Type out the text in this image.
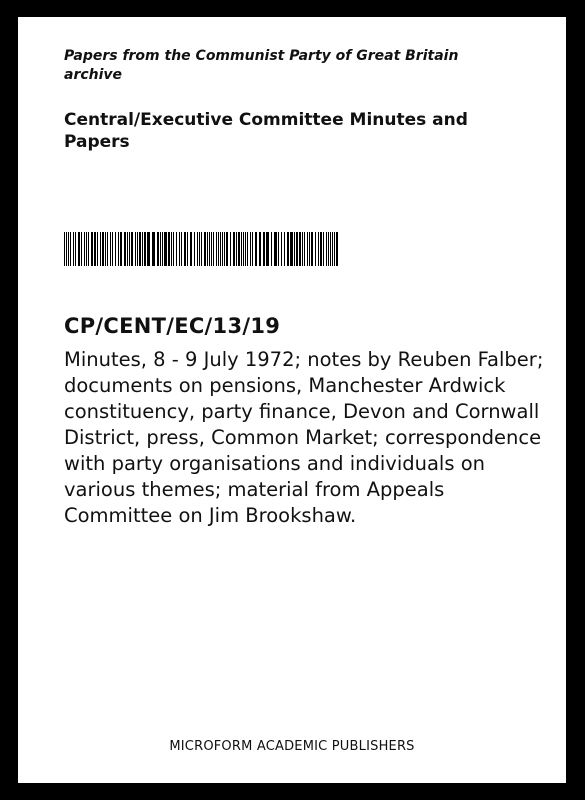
Papers from the Communist Party of Great Britain archive
Central/Executive Committee Minutes and Papers
CP/CENT/EC/13/19
Minutes, 8 - 9 July 1972; notes by Reuben Falber; documents on pensions, Manchester Ardwick constituency, party finance, Devon and Cornwall District, press, Common Market; correspondence with party organisations and individuals on various themes; material from Appeals Committee on Jim Brookshaw.
MICROFORM ACADEMIC PUBLISHERS
